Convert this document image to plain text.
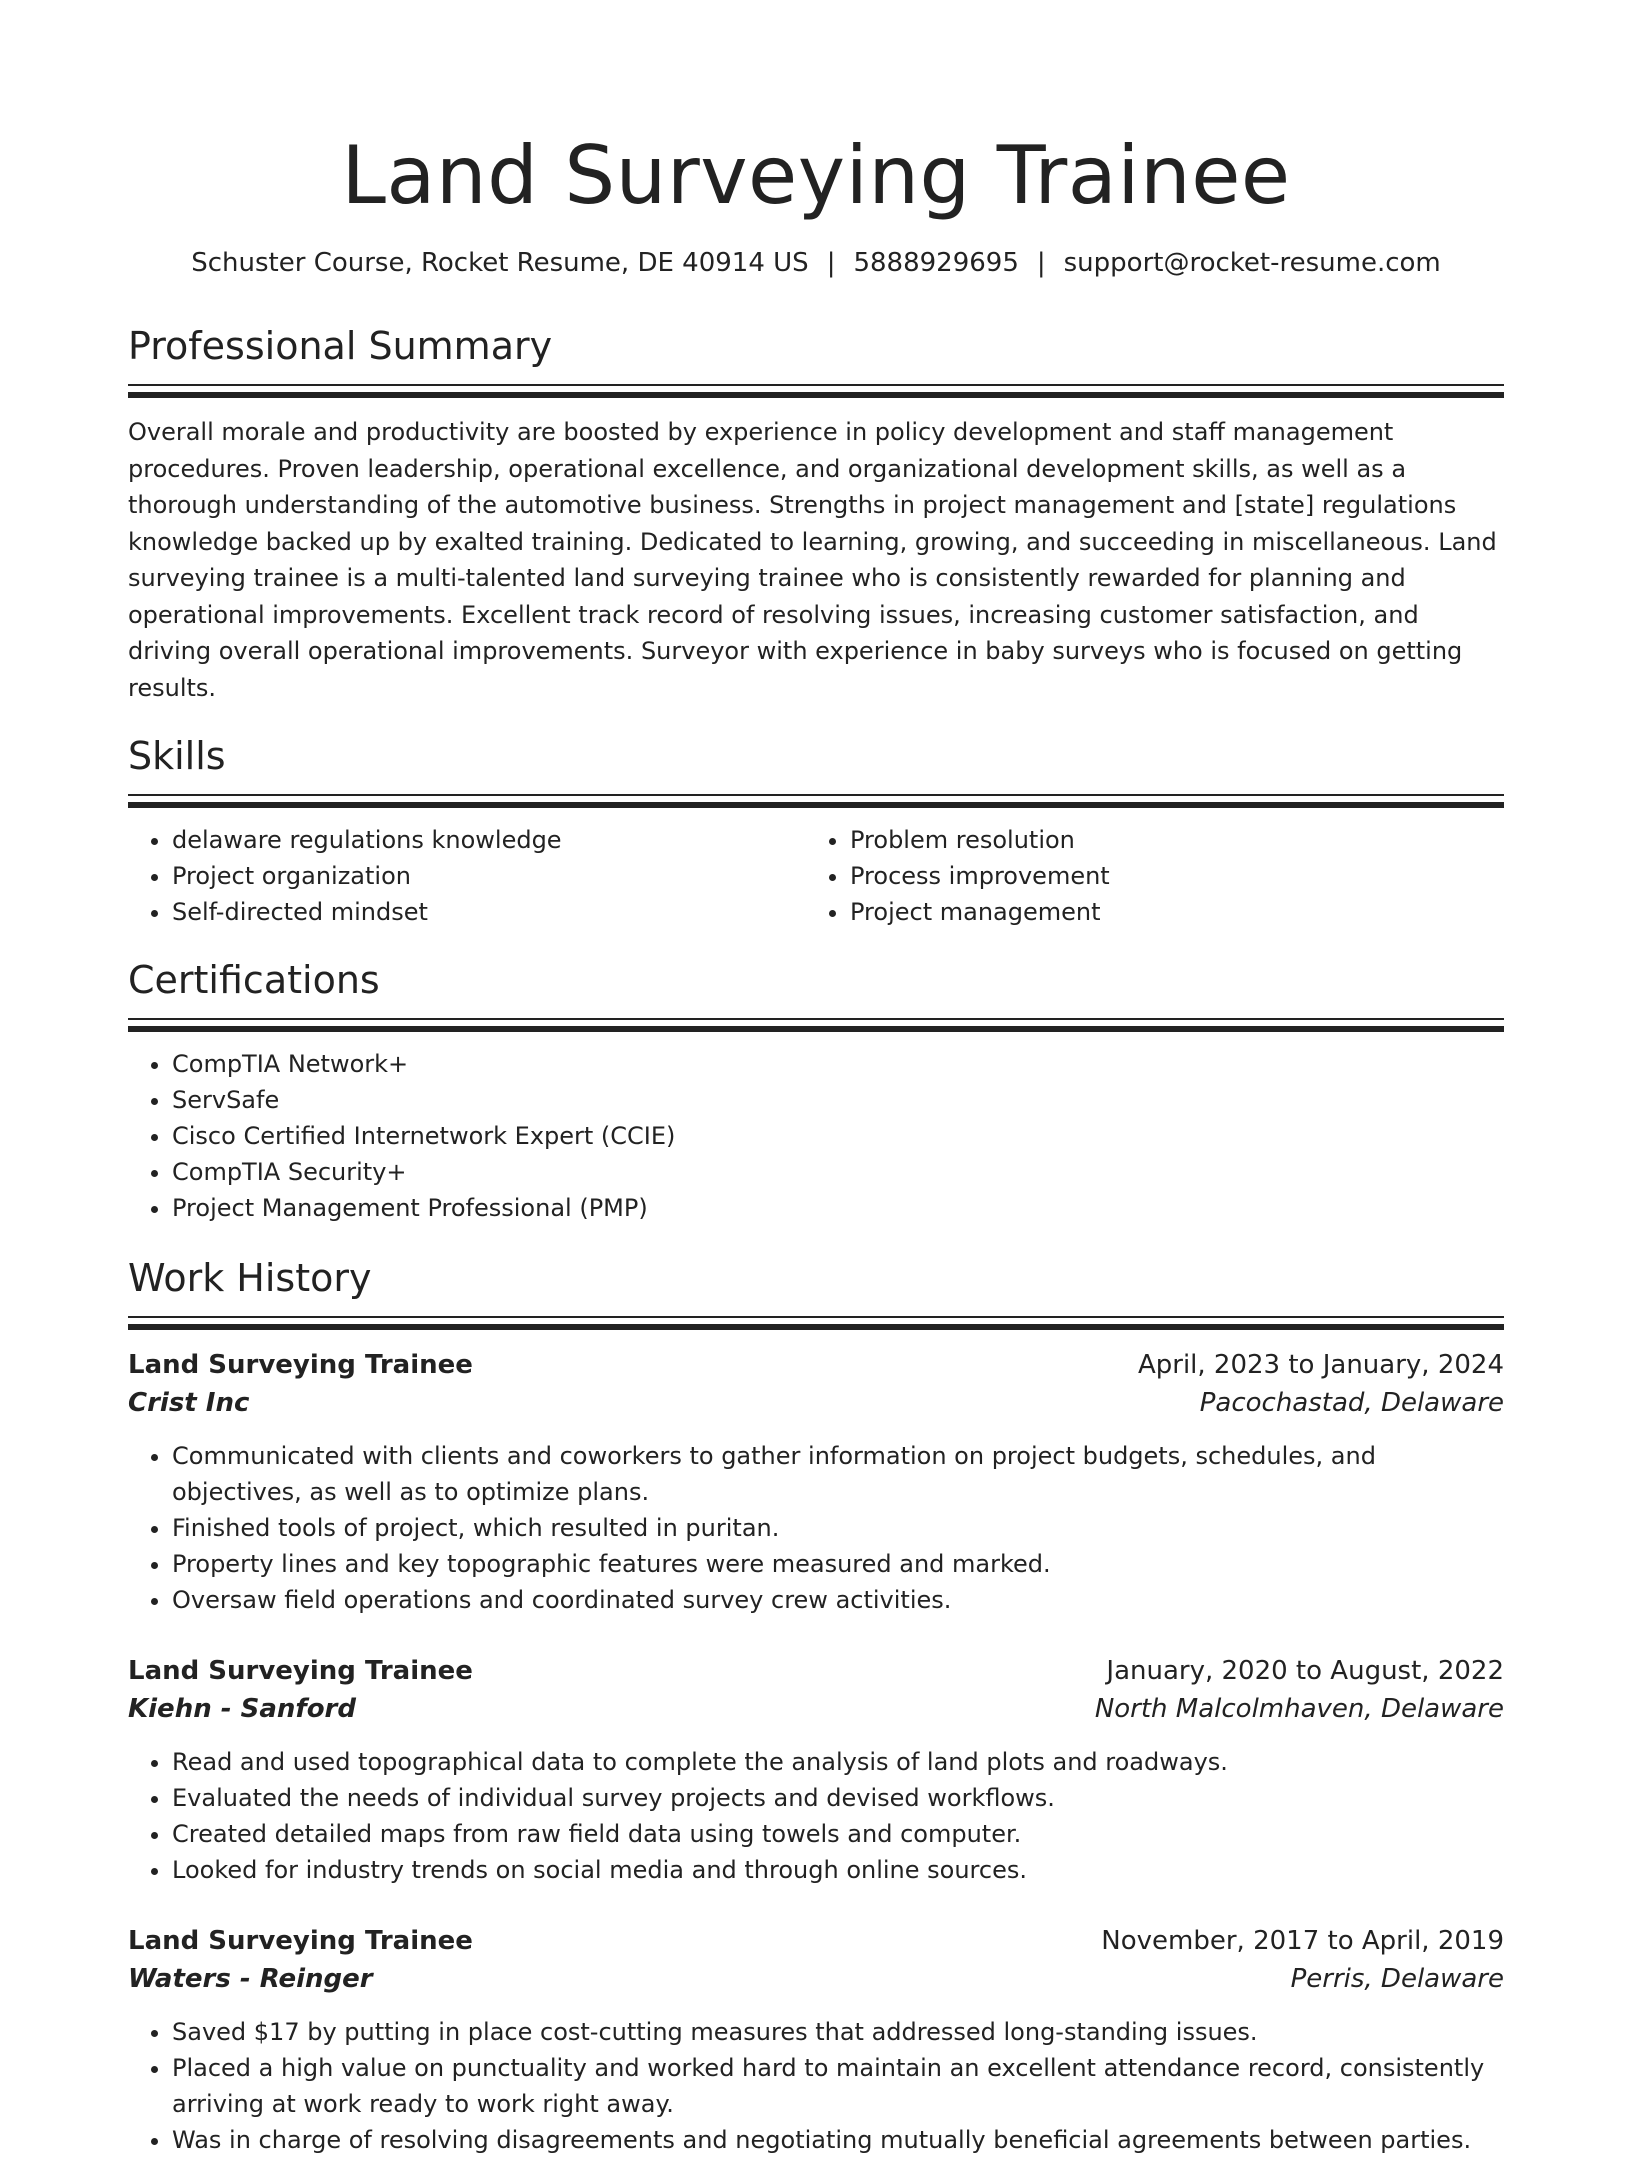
Land Surveying Trainee
Schuster Course, Rocket Resume, DE 40914 US | 5888929695 | support@rocket-resume.com
Professional Summary

Overall morale and productivity are boosted by experience in policy development and staff management procedures. Proven leadership, operational excellence, and organizational development skills, as well as a thorough understanding of the automotive business. Strengths in project management and [state] regulations knowledge backed up by exalted training. Dedicated to learning, growing, and succeeding in miscellaneous. Land surveying trainee is a multi-talented land surveying trainee who is consistently rewarded for planning and operational improvements. Excellent track record of resolving issues, increasing customer satisfaction, and driving overall operational improvements. Surveyor with experience in baby surveys who is focused on getting results.

Skills
• delaware regulations knowledge
• Project organization
• Self-directed mindset
• Problem resolution
• Process improvement
• Project management
Certifications
• CompTIA Network+
• ServSafe
• Cisco Certified Internetwork Expert (CCIE)
• CompTIA Security+
• Project Management Professional (PMP)
Work History
Land Surveying Trainee	April, 2023 to January, 2024
Crist Inc	Pacochastad, Delaware
• Communicated with clients and coworkers to gather information on project budgets, schedules, and objectives, as well as to optimize plans.
• Finished tools of project, which resulted in puritan.
• Property lines and key topographic features were measured and marked.
• Oversaw field operations and coordinated survey crew activities.
Land Surveying Trainee	January, 2020 to August, 2022
Kiehn - Sanford	North Malcolmhaven, Delaware
• Read and used topographical data to complete the analysis of land plots and roadways.
• Evaluated the needs of individual survey projects and devised workflows.
• Created detailed maps from raw field data using towels and computer.
• Looked for industry trends on social media and through online sources.
Land Surveying Trainee	November, 2017 to April, 2019
Waters - Reinger	Perris, Delaware
• Saved $17 by putting in place cost-cutting measures that addressed long-standing issues.
• Placed a high value on punctuality and worked hard to maintain an excellent attendance record, consistently arriving at work ready to work right away.
• Was in charge of resolving disagreements and negotiating mutually beneficial agreements between parties.
